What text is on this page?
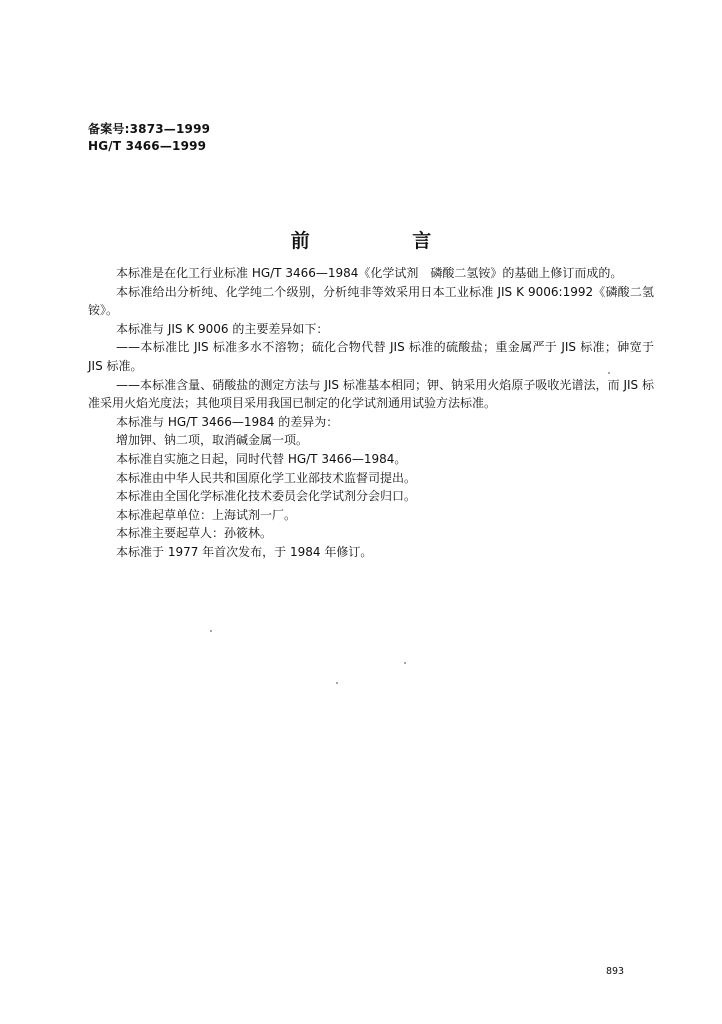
备案号:3873—1999
HG/T 3466—1999
前 言

本标准是在化工行业标准 HG/T 3466—1984《化学试剂　磷酸二氢铵》的基础上修订而成的。

本标准给出分析纯、化学纯二个级别，分析纯非等效采用日本工业标准 JIS K 9006:1992《磷酸二氢铵》。

本标准与 JIS K 9006 的主要差异如下：

——本标准比 JIS 标准多水不溶物；硫化合物代替 JIS 标准的硫酸盐；重金属严于 JIS 标准；砷宽于 JIS 标准。

——本标准含量、硝酸盐的测定方法与 JIS 标准基本相同；钾、钠采用火焰原子吸收光谱法，而 JIS 标准采用火焰光度法；其他项目采用我国已制定的化学试剂通用试验方法标准。

本标准与 HG/T 3466—1984 的差异为：

增加钾、钠二项，取消碱金属一项。

本标准自实施之日起，同时代替 HG/T 3466—1984。

本标准由中华人民共和国原化学工业部技术监督司提出。

本标准由全国化学标准化技术委员会化学试剂分会归口。

本标准起草单位：上海试剂一厂。

本标准主要起草人：孙筱林。

本标准于 1977 年首次发布，于 1984 年修订。

893
